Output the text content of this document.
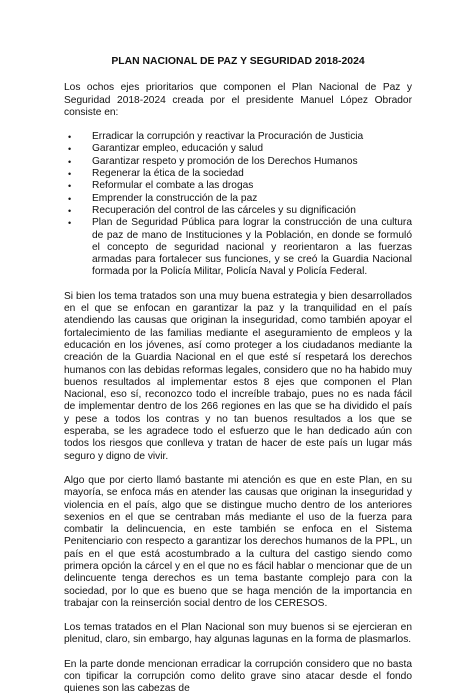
PLAN NACIONAL DE PAZ Y SEGURIDAD 2018-2024

Los ochos ejes prioritarios que componen el Plan Nacional de Paz y Seguridad 2018-2024 creada por el presidente Manuel López Obrador consiste en:

• Erradicar la corrupción y reactivar la Procuración de Justicia
• Garantizar empleo, educación y salud
• Garantizar respeto y promoción de los Derechos Humanos
• Regenerar la ética de la sociedad
• Reformular el combate a las drogas
• Emprender la construcción de la paz
• Recuperación del control de las cárceles y su dignificación
• Plan de Seguridad Pública para lograr la construcción de una cultura de paz de mano de Instituciones y la Población, en donde se formuló el concepto de seguridad nacional y reorientaron a las fuerzas armadas para fortalecer sus funciones, y se creó la Guardia Nacional formada por la Policía Militar, Policía Naval y Policía Federal.

Si bien los tema tratados son una muy buena estrategia y bien desarrollados en el que se enfocan en garantizar la paz y la tranquilidad en el país atendiendo las causas que originan la inseguridad, como también apoyar el fortalecimiento de las familias mediante el aseguramiento de empleos y la educación en los jóvenes, así como proteger a los ciudadanos mediante la creación de la Guardia Nacional en el que esté sí respetará los derechos humanos con las debidas reformas legales, considero que no ha habido muy buenos resultados al implementar estos 8 ejes que componen el Plan Nacional, eso sí, reconozco todo el increíble trabajo, pues no es nada fácil de implementar dentro de los 266 regiones en las que se ha dividido el país y pese a todos los contras y no tan buenos resultados a los que se esperaba, se les agradece todo el esfuerzo que le han dedicado aún con todos los riesgos que conlleva y tratan de hacer de este país un lugar más seguro y digno de vivir.

Algo que por cierto llamó bastante mi atención es que en este Plan, en su mayoría, se enfoca más en atender las causas que originan la inseguridad y violencia en el país, algo que se distingue mucho dentro de los anteriores sexenios en el que se centraban más mediante el uso de la fuerza para combatir la delincuencia, en este también se enfoca en el Sistema Penitenciario con respecto a garantizar los derechos humanos de la PPL, un país en el que está acostumbrado a la cultura del castigo siendo como primera opción la cárcel y en el que no es fácil hablar o mencionar que de un delincuente tenga derechos es un tema bastante complejo para con la sociedad, por lo que es bueno que se haga mención de la importancia en trabajar con la reinserción social dentro de los CERESOS.

Los temas tratados en el Plan Nacional son muy buenos si se ejercieran en plenitud, claro, sin embargo, hay algunas lagunas en la forma de plasmarlos.

En la parte donde mencionan erradicar la corrupción considero que no basta con tipificar la corrupción como delito grave sino atacar desde el fondo quienes son las cabezas de
